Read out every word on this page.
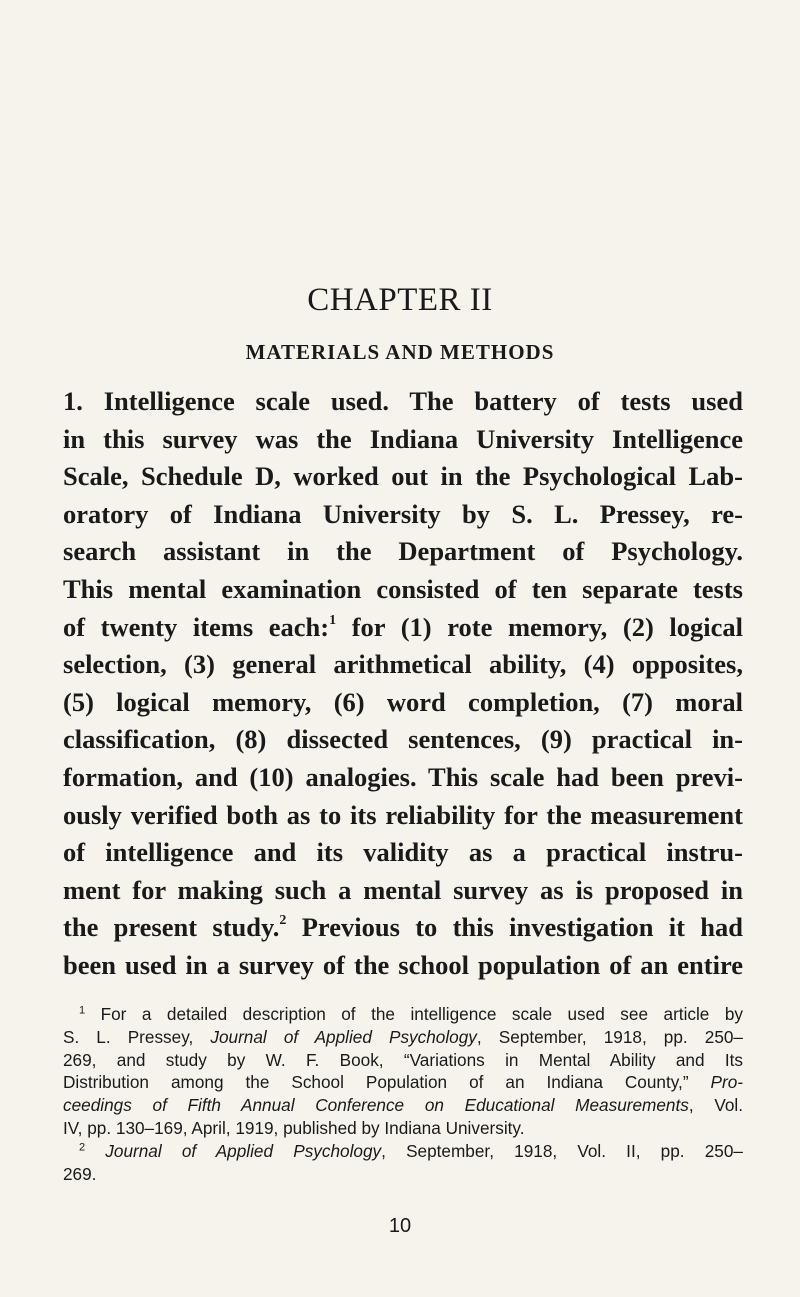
CHAPTER II
MATERIALS AND METHODS
1. Intelligence scale used. The battery of tests used
in this survey was the Indiana University Intelligence
Scale, Schedule D, worked out in the Psychological Lab-
oratory of Indiana University by S. L. Pressey, re-
search assistant in the Department of Psychology.
This mental examination consisted of ten separate tests
of twenty items each:$^1$ for (1) rote memory, (2) logical
selection, (3) general arithmetical ability, (4) opposites,
(5) logical memory, (6) word completion, (7) moral
classification, (8) dissected sentences, (9) practical in-
formation, and (10) analogies. This scale had been previ-
ously verified both as to its reliability for the measurement
of intelligence and its validity as a practical instru-
ment for making such a mental survey as is proposed in
the present study.$^2$ Previous to this investigation it had
been used in a survey of the school population of an entire
$^1$ For a detailed description of the intelligence scale used see article by
S. L. Pressey, Journal of Applied Psychology, September, 1918, pp. 250–
269, and study by W. F. Book, “Variations in Mental Ability and Its
Distribution among the School Population of an Indiana County,” Pro-
ceedings of Fifth Annual Conference on Educational Measurements, Vol.
IV, pp. 130–169, April, 1919, published by Indiana University.
$^2$ Journal of Applied Psychology, September, 1918, Vol. II, pp. 250–
269.
10
